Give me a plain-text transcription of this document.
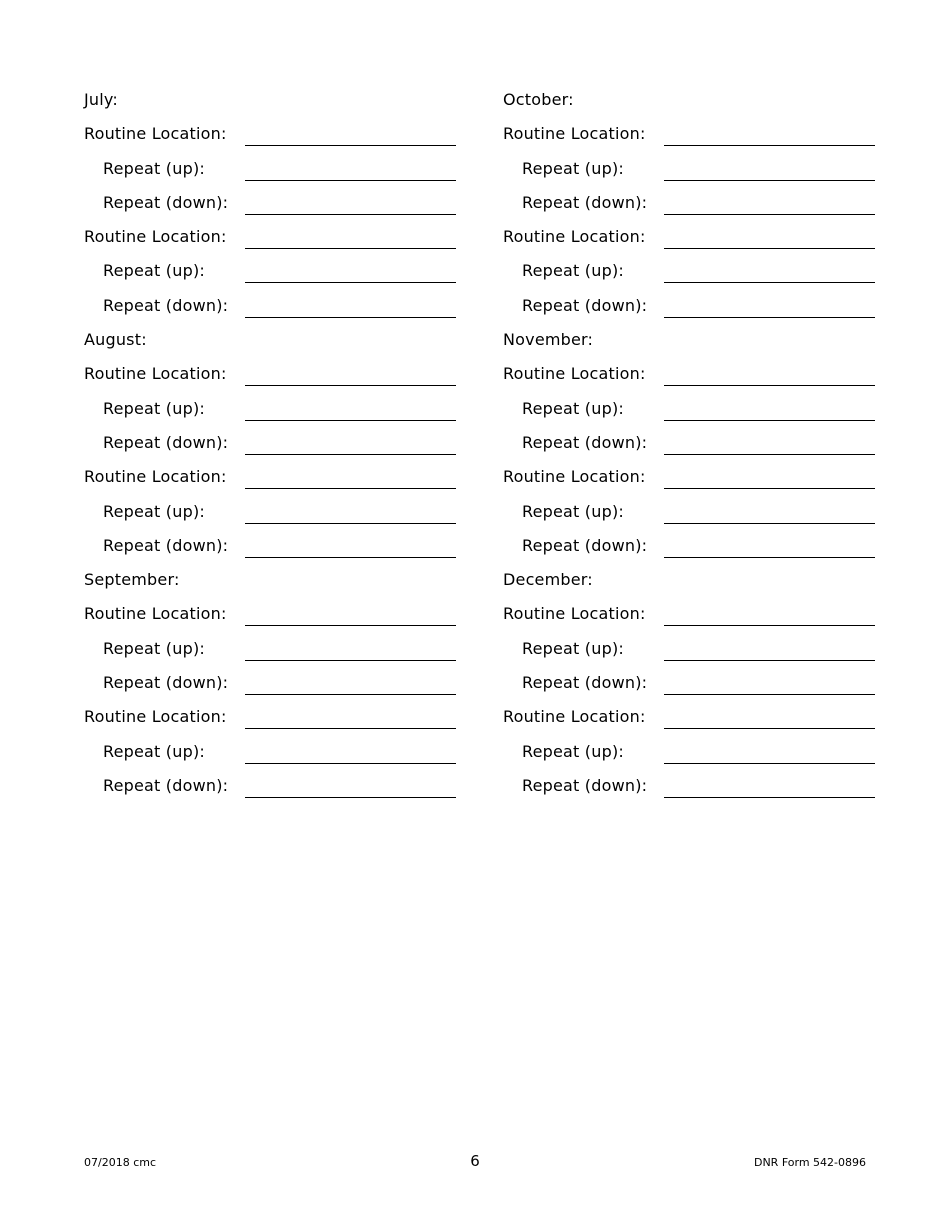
July:
Routine Location:
Repeat (up):
Repeat (down):
Routine Location:
Repeat (up):
Repeat (down):
August:
Routine Location:
Repeat (up):
Repeat (down):
Routine Location:
Repeat (up):
Repeat (down):
September:
Routine Location:
Repeat (up):
Repeat (down):
Routine Location:
Repeat (up):
Repeat (down):
October:
Routine Location:
Repeat (up):
Repeat (down):
Routine Location:
Repeat (up):
Repeat (down):
November:
Routine Location:
Repeat (up):
Repeat (down):
Routine Location:
Repeat (up):
Repeat (down):
December:
Routine Location:
Repeat (up):
Repeat (down):
Routine Location:
Repeat (up):
Repeat (down):
07/2018 cmc	6	DNR Form 542-0896
